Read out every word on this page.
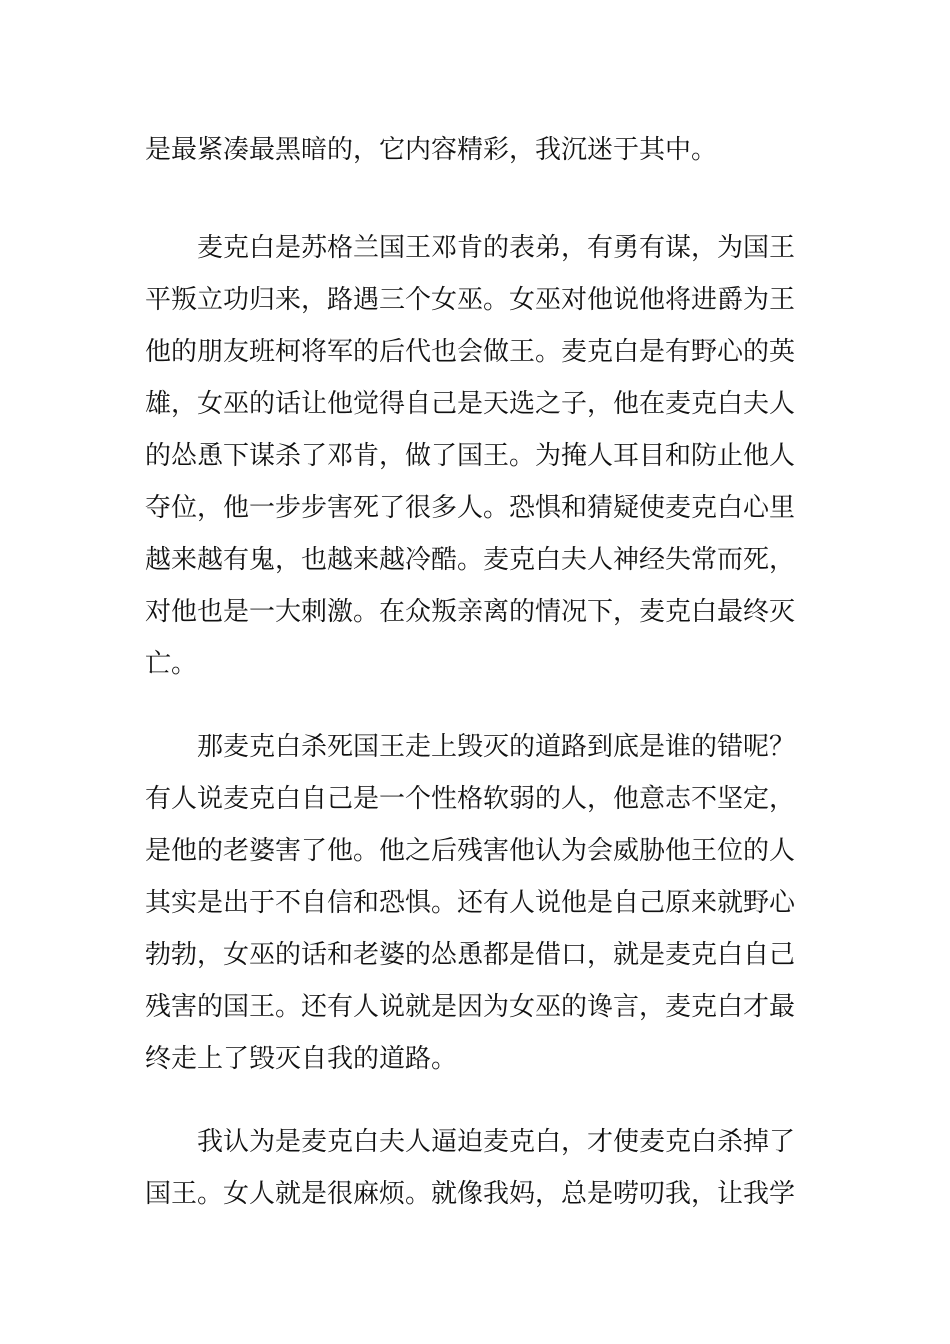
是最紧凑最黑暗的，它内容精彩，我沉迷于其中。
麦克白是苏格兰国王邓肯的表弟，有勇有谋，为国王
平叛立功归来，路遇三个女巫。女巫对他说他将进爵为王
他的朋友班柯将军的后代也会做王。麦克白是有野心的英
雄，女巫的话让他觉得自己是天选之子，他在麦克白夫人
的怂恿下谋杀了邓肯，做了国王。为掩人耳目和防止他人
夺位，他一步步害死了很多人。恐惧和猜疑使麦克白心里
越来越有鬼，也越来越冷酷。麦克白夫人神经失常而死，
对他也是一大刺激。在众叛亲离的情况下，麦克白最终灭
亡。
那麦克白杀死国王走上毁灭的道路到底是谁的错呢？
有人说麦克白自己是一个性格软弱的人，他意志不坚定，
是他的老婆害了他。他之后残害他认为会威胁他王位的人
其实是出于不自信和恐惧。还有人说他是自己原来就野心
勃勃，女巫的话和老婆的怂恿都是借口，就是麦克白自己
残害的国王。还有人说就是因为女巫的谗言，麦克白才最
终走上了毁灭自我的道路。
我认为是麦克白夫人逼迫麦克白，才使麦克白杀掉了
国王。女人就是很麻烦。就像我妈，总是唠叨我，让我学
